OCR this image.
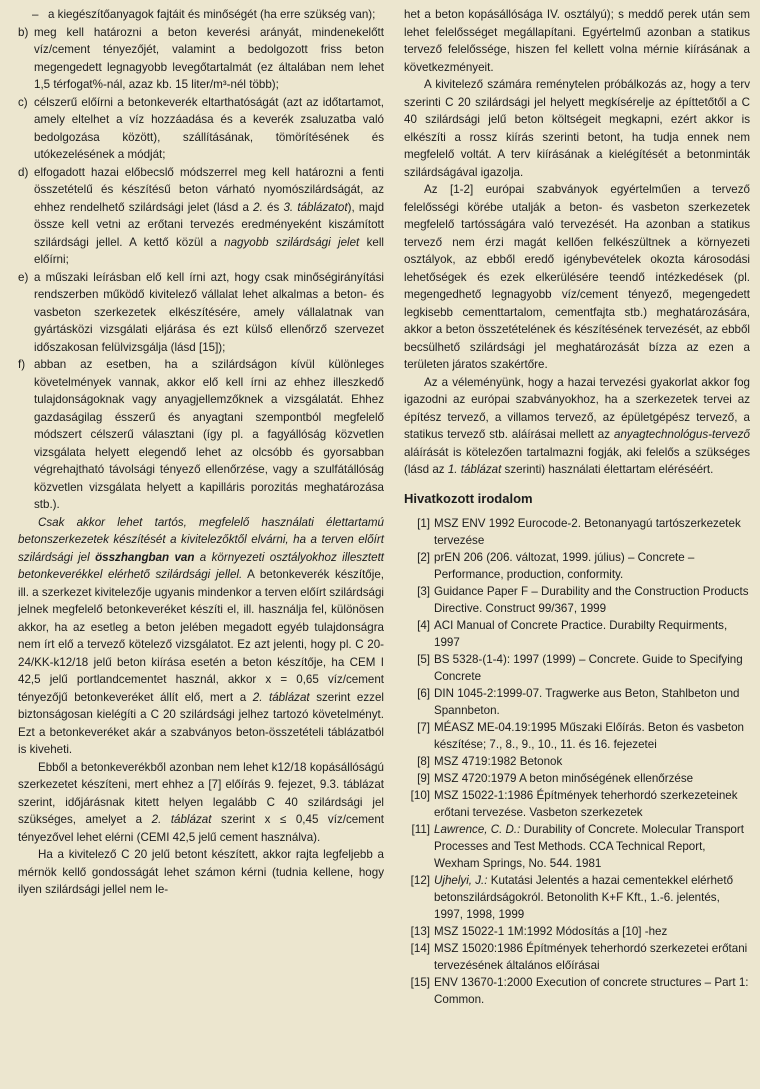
– a kiegészítőanyagok fajtáit és minőségét (ha erre szükség van);
b) meg kell határozni a beton keverési arányát, mindenekelőtt víz/cement tényezőjét, valamint a bedolgozott friss beton megengedett legnagyobb levegőtartalmát (ez általában nem lehet 1,5 térfogat%-nál, azaz kb. 15 liter/m³-nél több);
c) célszerű előírni a betonkeverék eltarthatóságát (azt az időtartamot, amely eltelhet a víz hozzáadása és a keverék zsaluzatba való bedolgozása között), szállításának, tömörítésének és utókezelésének a módját;
d) elfogadott hazai előbecslő módszerrel meg kell határozni a fenti összetételű és készítésű beton várható nyomószilárdságát, az ehhez rendelhető szilárdsági jelet (lásd a 2. és 3. táblázatot), majd össze kell vetni az erőtani tervezés eredményeként kiszámított szilárdsági jellel. A kettő közül a nagyobb szilárdsági jelet kell előírni;
e) a műszaki leírásban elő kell írni azt, hogy csak minőségirányítási rendszerben működő kivitelező vállalat lehet alkalmas a beton- és vasbeton szerkezetek elkészítésére, amely vállalatnak van gyártásközi vizsgálati eljárása és ezt külső ellenőrző szervezet időszakosan felülvizsgálja (lásd [15]);
f) abban az esetben, ha a szilárdságon kívül különleges követelmények vannak, akkor elő kell írni az ehhez illeszkedő tulajdonságoknak vagy anyagjellemzőknek a vizsgálatát. Ehhez gazdaságilag ésszerű és anyagtani szempontból megfelelő módszert célszerű választani (így pl. a fagyállóság közvetlen vizsgálata helyett elegendő lehet az olcsóbb és gyorsabban végrehajtható távolsági tényező ellenőrzése, vagy a szulfátállóság közvetlen vizsgálata helyett a kapilláris porozitás meghatározása stb.).

Csak akkor lehet tartós, megfelelő használati élettartamú betonszerkezetek készítését a kivitelezőktől elvárni, ha a terven előírt szilárdsági jel összhangban van a környezeti osztályokhoz illesztett betonkeverékkel elérhető szilárdsági jellel. A betonkeverék készítője, ill. a szerkezet kivitelezője ugyanis mindenkor a terven előírt szilárdsági jelnek megfelelő betonkeveréket készíti el, ill. használja fel, különösen akkor, ha az esetleg a beton jelében megadott egyéb tulajdonságra nem írt elő a tervező kötelező vizsgálatot. Ez azt jelenti, hogy pl. C 20-24/KK-k12/18 jelű beton kiírása esetén a beton készítője, ha CEM I 42,5 jelű portlandcementet használ, akkor x = 0,65 víz/cement tényezőjű betonkeveréket állít elő, mert a 2. táblázat szerint ezzel biztonságosan kielégíti a C 20 szilárdsági jelhez tartozó követelményt. Ezt a betonkeveréket akár a szabványos beton-összetételi táblázatból is kiveheti.

Ebből a betonkeverékből azonban nem lehet k12/18 kopásállóságú szerkezetet készíteni, mert ehhez a [7] előírás 9. fejezet, 9.3. táblázat szerint, időjárásnak kitett helyen legalább C 40 szilárdsági jel szükséges, amelyet a 2. táblázat szerint x ≤ 0,45 víz/cement tényezővel lehet elérni (CEMI 42,5 jelű cement használva).

Ha a kivitelező C 20 jelű betont készített, akkor rajta legfeljebb a mérnök kellő gondosságát lehet számon kérni (tudnia kellene, hogy ilyen szilárdsági jellel nem le-

het a beton kopásállósága IV. osztályú); s meddő perek után sem lehet felelősséget megállapítani. Egyértelmű azonban a statikus tervező felelőssége, hiszen fel kellett volna mérnie kiírásának a következményeit.

A kivitelező számára reménytelen próbálkozás az, hogy a terv szerinti C 20 szilárdsági jel helyett megkísérelje az építtetőtől a C 40 szilárdsági jelű beton költségeit megkapni, ezért akkor is elkészíti a rossz kiírás szerinti betont, ha tudja ennek nem megfelelő voltát. A terv kiírásának a kielégítését a betonminták szilárdságával igazolja.

Az [1-2] európai szabványok egyértelműen a tervező felelősségi körébe utalják a beton- és vasbeton szerkezetek megfelelő tartósságára való tervezését. Ha azonban a statikus tervező nem érzi magát kellően felkészültnek a környezeti osztályok, az ebből eredő igénybevételek okozta károsodási lehetőségek és ezek elkerülésére teendő intézkedések (pl. megengedhető legnagyobb víz/cement tényező, megengedett legkisebb cementtartalom, cementfajta stb.) meghatározására, akkor a beton összetételének és készítésének tervezését, az ebből becsülhető szilárdsági jel meghatározását bízza az ezen a területen járatos szakértőre.

Az a véleményünk, hogy a hazai tervezési gyakorlat akkor fog igazodni az európai szabványokhoz, ha a szerkezetek tervei az építész tervező, a villamos tervező, az épületgépész tervező, a statikus tervező stb. aláírásai mellett az anyagtechnológus-tervező aláírását is kötelezően tartalmazni fogják, aki felelős a szükséges (lásd az 1. táblázat szerinti) használati élettartam eléréséért.

Hivatkozott irodalom
[1] MSZ ENV 1992 Eurocode-2. Betonanyagú tartószerkezetek tervezése
[2] prEN 206 (206. változat, 1999. július) – Concrete – Performance, production, conformity.
[3] Guidance Paper F – Durability and the Construction Products Directive. Construct 99/367, 1999
[4] ACI Manual of Concrete Practice. Durabilty Requirments, 1997
[5] BS 5328-(1-4): 1997 (1999) – Concrete. Guide to Specifying Concrete
[6] DIN 1045-2:1999-07. Tragwerke aus Beton, Stahlbeton und Spannbeton.
[7] MÉASZ ME-04.19:1995 Műszaki Előírás. Beton és vasbeton készítése; 7., 8., 9., 10., 11. és 16. fejezetei
[8] MSZ 4719:1982 Betonok
[9] MSZ 4720:1979 A beton minőségének ellenőrzése
[10] MSZ 15022-1:1986 Építmények teherhordó szerkezeteinek erőtani tervezése. Vasbeton szerkezetek
[11] Lawrence, C. D.: Durability of Concrete. Molecular Transport Processes and Test Methods. CCA Technical Report, Wexham Springs, No. 544. 1981
[12] Ujhelyi, J.: Kutatási Jelentés a hazai cementekkel elérhető betonszilárdságokról. Betonolith K+F Kft., 1.-6. jelentés, 1997, 1998, 1999
[13] MSZ 15022-1 1M:1992 Módosítás a [10] -hez
[14] MSZ 15020:1986 Építmények teherhordó szerkezetei erőtani tervezésének általános előírásai
[15] ENV 13670-1:2000 Execution of concrete structures – Part 1: Common.
